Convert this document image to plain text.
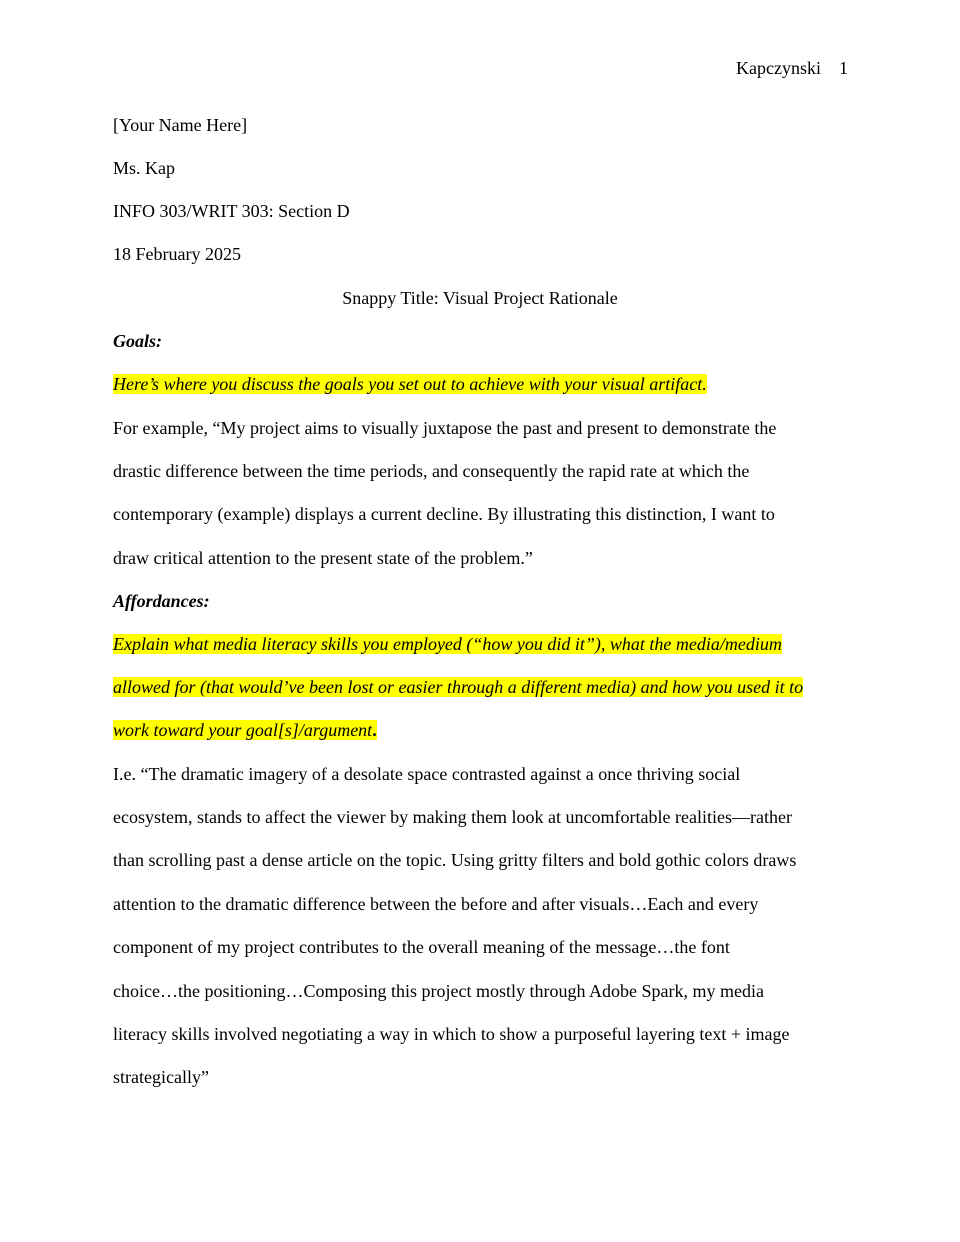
Kapczynski 1
[Your Name Here]
Ms. Kap
INFO 303/WRIT 303: Section D
18 February 2025
Snappy Title: Visual Project Rationale
Goals:
Here’s where you discuss the goals you set out to achieve with your visual artifact.
For example, “My project aims to visually juxtapose the past and present to demonstrate the
drastic difference between the time periods, and consequently the rapid rate at which the
contemporary (example) displays a current decline. By illustrating this distinction, I want to
draw critical attention to the present state of the problem.”
Affordances:
Explain what media literacy skills you employed (“how you did it”), what the media/medium
allowed for (that would’ve been lost or easier through a different media) and how you used it to
work toward your goal[s]/argument.
I.e. “The dramatic imagery of a desolate space contrasted against a once thriving social
ecosystem, stands to affect the viewer by making them look at uncomfortable realities—rather
than scrolling past a dense article on the topic. Using gritty filters and bold gothic colors draws
attention to the dramatic difference between the before and after visuals…Each and every
component of my project contributes to the overall meaning of the message…the font
choice…the positioning…Composing this project mostly through Adobe Spark, my media
literacy skills involved negotiating a way in which to show a purposeful layering text + image
strategically”
